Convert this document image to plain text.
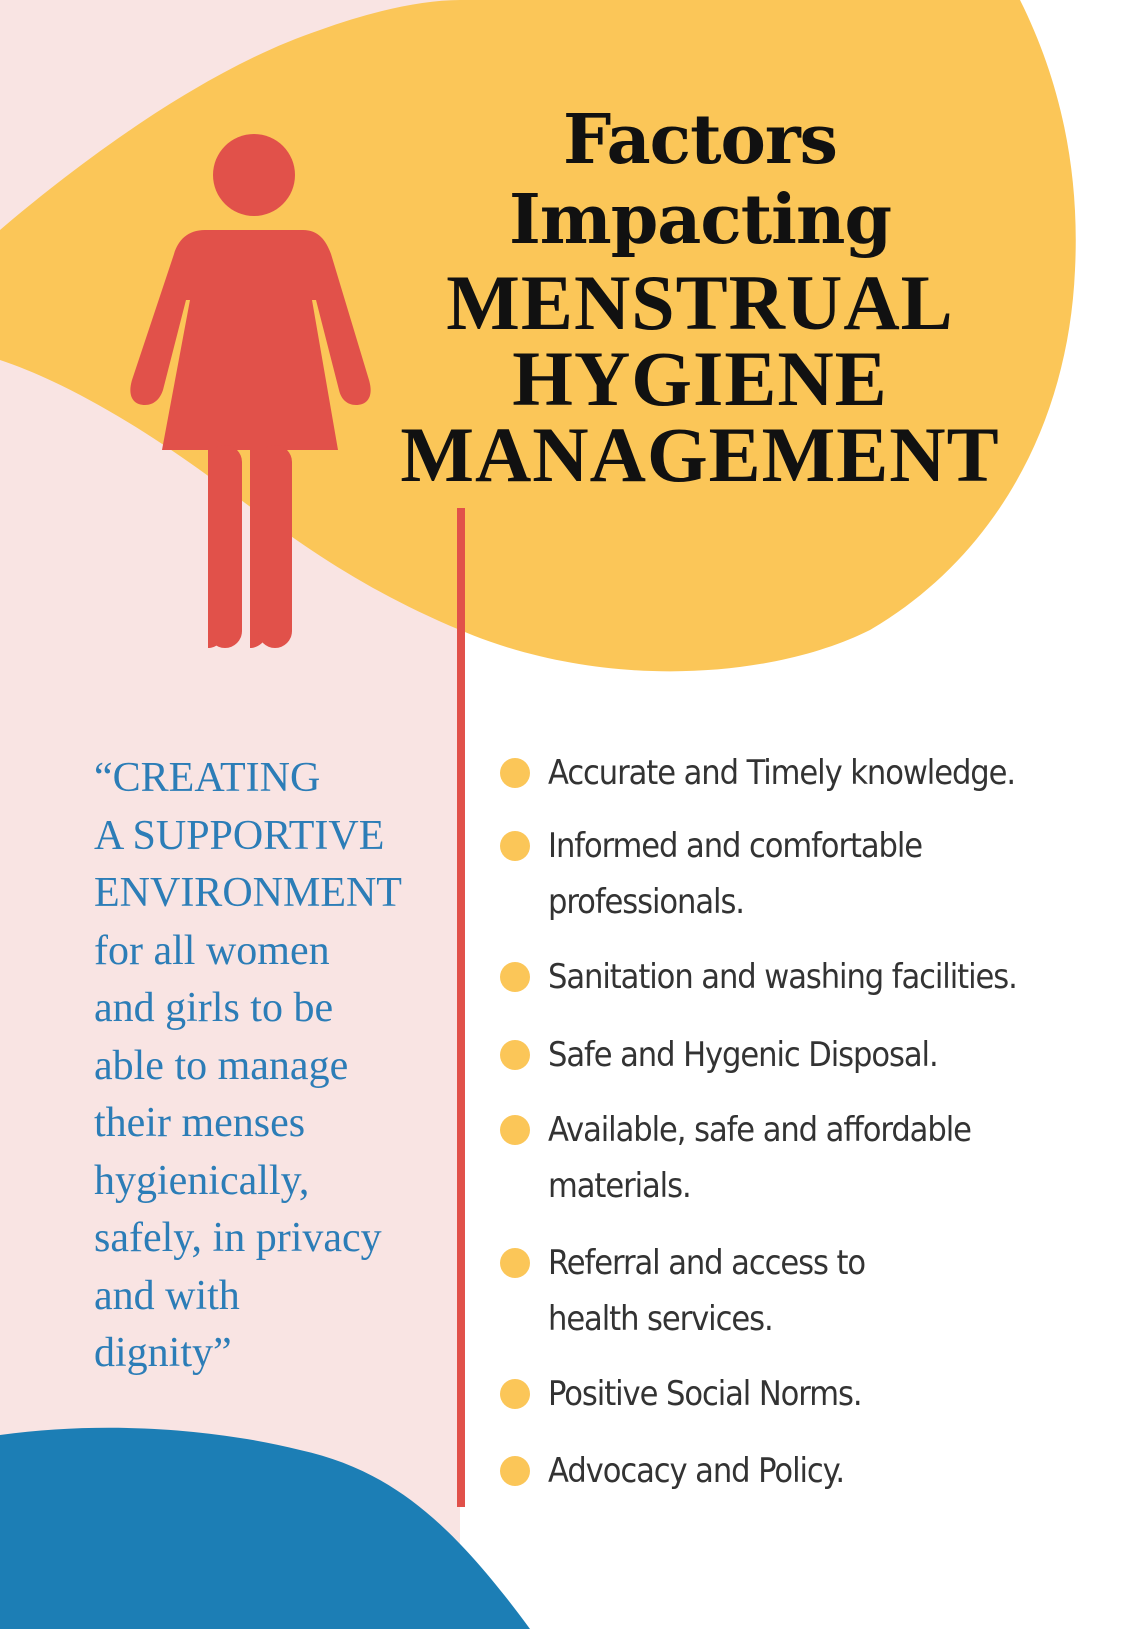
Factors
Impacting
MENSTRUAL
HYGIENE
MANAGEMENT
“CREATING
A SUPPORTIVE
ENVIRONMENT
for all women
and girls to be
able to manage
their menses
hygienically,
safely, in privacy
and with
dignity”
Accurate and Timely knowledge.
Informed and comfortable
professionals.
Sanitation and washing facilities.
Safe and Hygenic Disposal.
Available, safe and affordable
materials.
Referral and access to
health services.
Positive Social Norms.
Advocacy and Policy.
